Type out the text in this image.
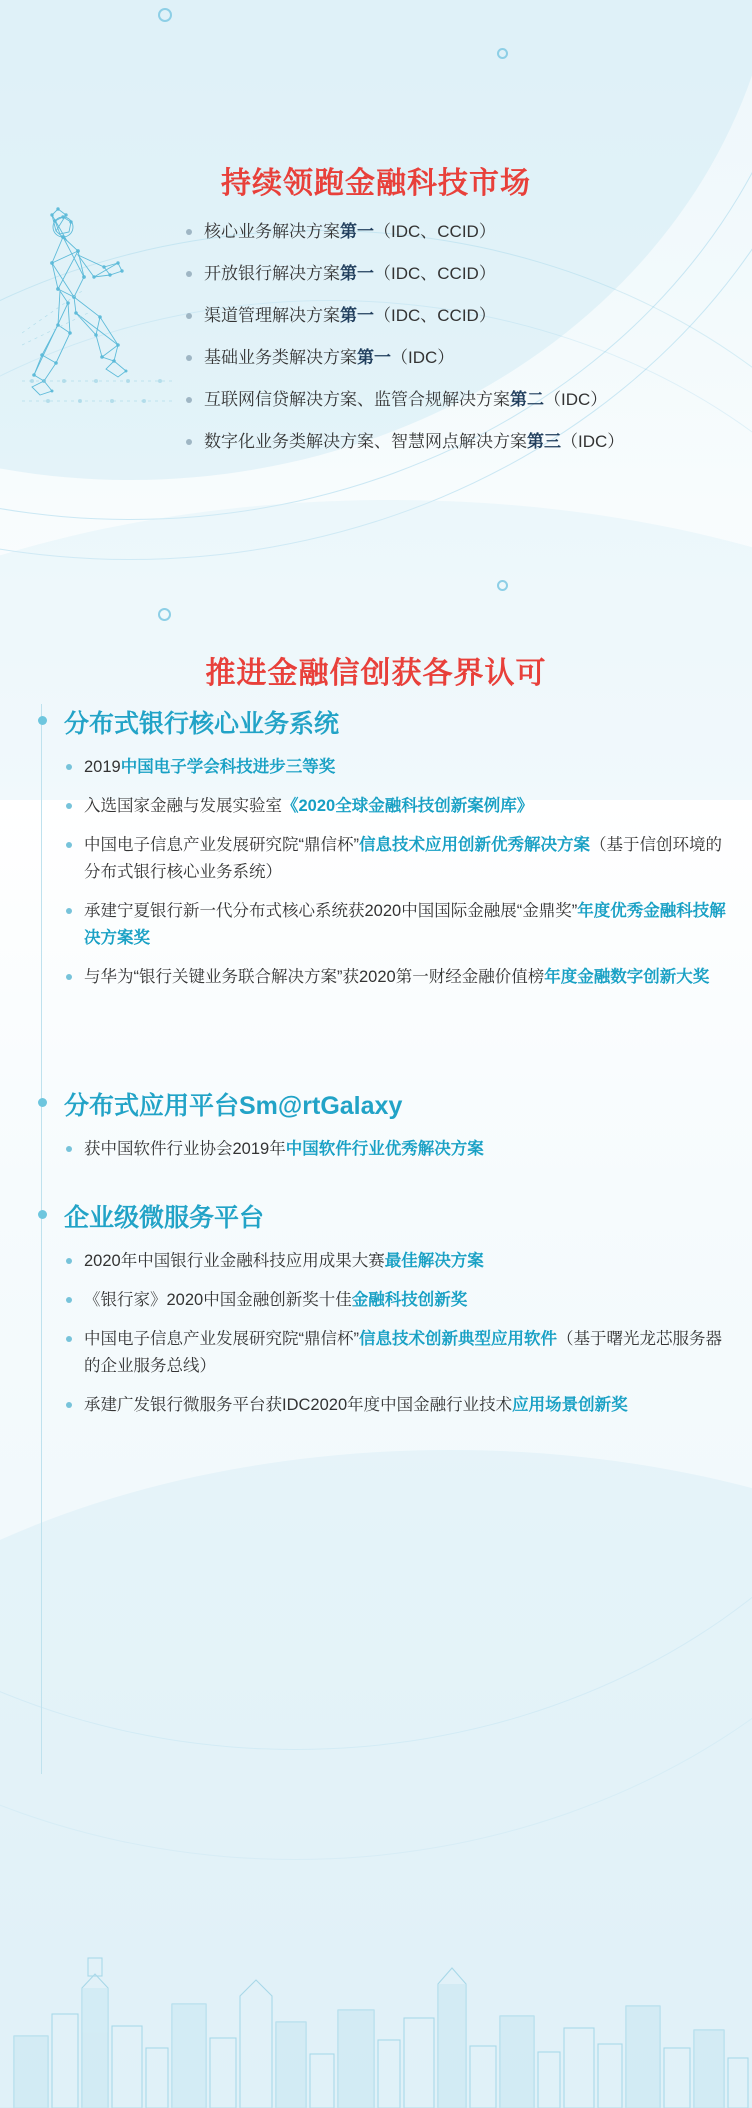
持续领跑金融科技市场
核心业务解决方案第一（IDC、CCID）
开放银行解决方案第一（IDC、CCID）
渠道管理解决方案第一（IDC、CCID）
基础业务类解决方案第一（IDC）
互联网信贷解决方案、监管合规解决方案第二（IDC）
数字化业务类解决方案、智慧网点解决方案第三（IDC）
推进金融信创获各界认可
分布式银行核心业务系统
2019中国电子学会科技进步三等奖
入选国家金融与发展实验室《2020全球金融科技创新案例库》
中国电子信息产业发展研究院“鼎信杯”信息技术应用创新优秀解决方案（基于信创环境的分布式银行核心业务系统）
承建宁夏银行新一代分布式核心系统获2020中国国际金融展“金鼎奖”年度优秀金融科技解决方案奖
与华为“银行关键业务联合解决方案”获2020第一财经金融价值榜年度金融数字创新大奖
分布式应用平台Sm@rtGalaxy
获中国软件行业协会2019年中国软件行业优秀解决方案
企业级微服务平台
2020年中国银行业金融科技应用成果大赛最佳解决方案
《银行家》2020中国金融创新奖十佳金融科技创新奖
中国电子信息产业发展研究院“鼎信杯”信息技术创新典型应用软件（基于曙光龙芯服务器的企业服务总线）
承建广发银行微服务平台获IDC2020年度中国金融行业技术应用场景创新奖
